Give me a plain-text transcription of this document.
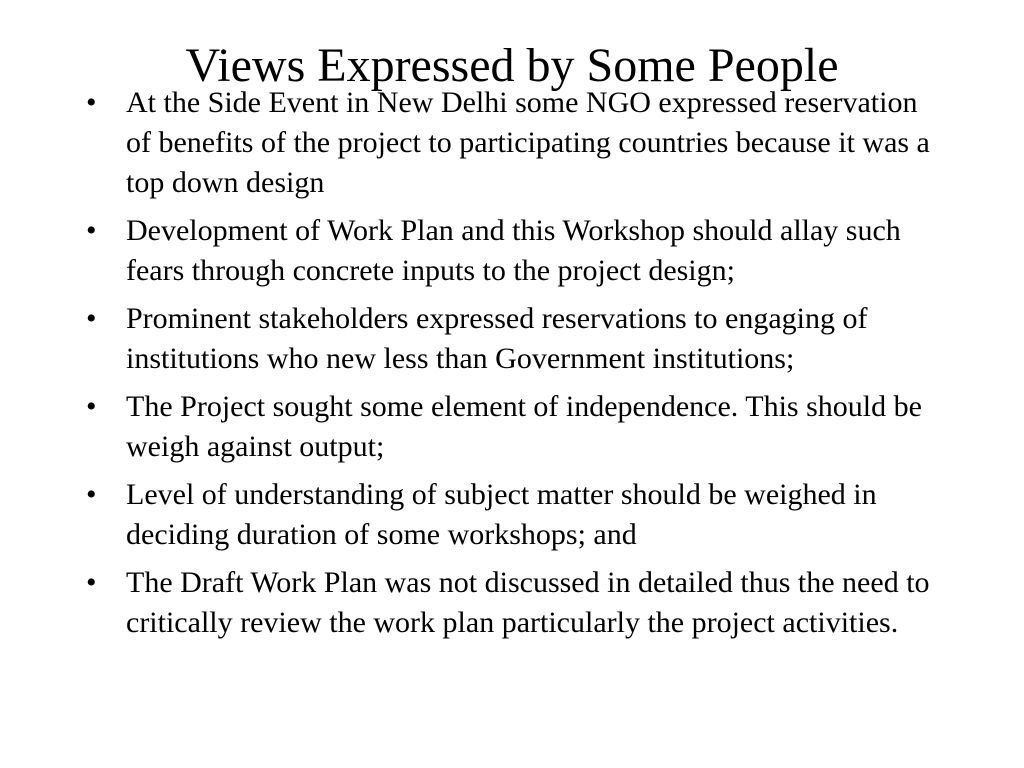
Views Expressed by Some People
• At the Side Event in New Delhi some NGO expressed reservation of benefits of the project to participating countries because it was a top down design
• Development of Work Plan and this Workshop should allay such fears through concrete inputs to the project design;
• Prominent stakeholders expressed reservations to engaging of institutions who new less than Government institutions;
• The Project sought some element of independence. This should be weigh against output;
• Level of understanding of subject matter should be weighed in deciding duration of some workshops; and
• The Draft Work Plan was not discussed in detailed thus the need to critically review the work plan particularly the project activities.
